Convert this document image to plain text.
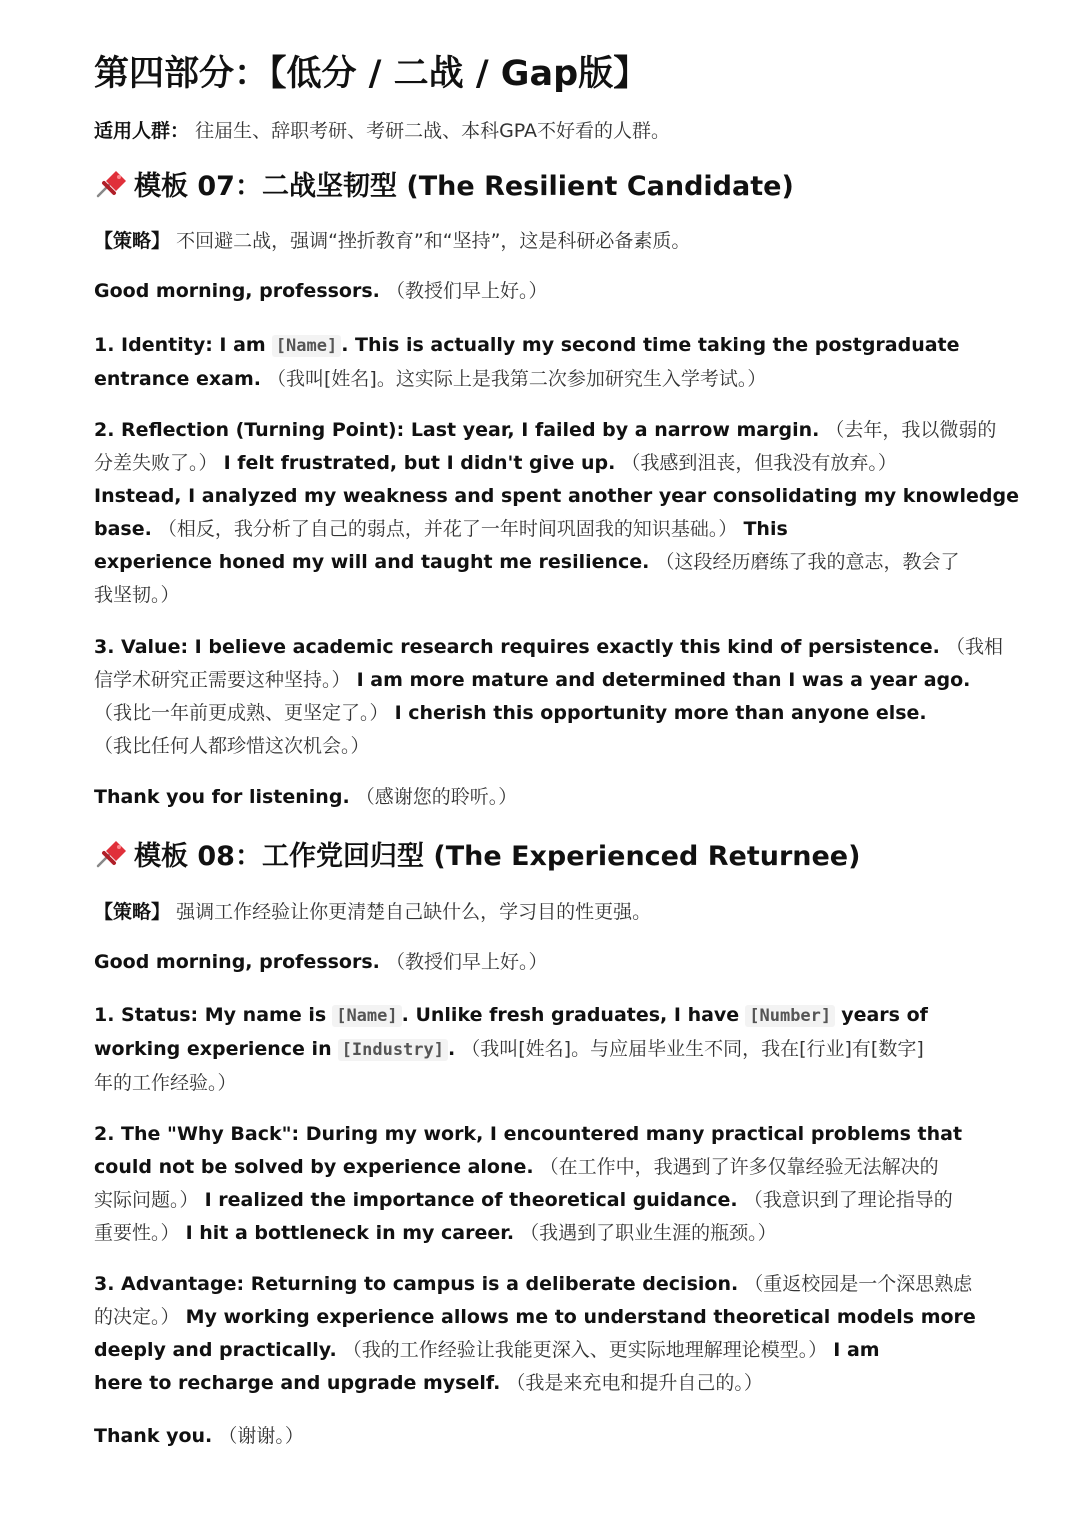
第四部分：【低分 / 二战 / Gap版】
适用人群： 往届生、辞职考研、考研二战、本科GPA不好看的人群。
模板 07：二战坚韧型 (The Resilient Candidate)
【策略】 不回避二战，强调“挫折教育”和“坚持”，这是科研必备素质。
Good morning, professors. （教授们早上好。）
1. Identity: I am [Name] . This is actually my second time taking the postgraduate
entrance exam. （我叫[姓名]。这实际上是我第二次参加研究生入学考试。）
2. Reflection (Turning Point): Last year, I failed by a narrow margin. （去年，我以微弱的
分差失败了。） I felt frustrated, but I didn't give up. （我感到沮丧，但我没有放弃。）
Instead, I analyzed my weakness and spent another year consolidating my knowledge
base. （相反，我分析了自己的弱点，并花了一年时间巩固我的知识基础。） This
experience honed my will and taught me resilience. （这段经历磨练了我的意志，教会了
我坚韧。）
3. Value: I believe academic research requires exactly this kind of persistence. （我相
信学术研究正需要这种坚持。） I am more mature and determined than I was a year ago.
（我比一年前更成熟、更坚定了。） I cherish this opportunity more than anyone else.
（我比任何人都珍惜这次机会。）
Thank you for listening. （感谢您的聆听。）
模板 08：工作党回归型 (The Experienced Returnee)
【策略】 强调工作经验让你更清楚自己缺什么，学习目的性更强。
Good morning, professors. （教授们早上好。）
1. Status: My name is [Name] . Unlike fresh graduates, I have [Number] years of
working experience in [Industry] . （我叫[姓名]。与应届毕业生不同，我在[行业]有[数字]
年的工作经验。）
2. The "Why Back": During my work, I encountered many practical problems that
could not be solved by experience alone. （在工作中，我遇到了许多仅靠经验无法解决的
实际问题。） I realized the importance of theoretical guidance. （我意识到了理论指导的
重要性。） I hit a bottleneck in my career. （我遇到了职业生涯的瓶颈。）
3. Advantage: Returning to campus is a deliberate decision. （重返校园是一个深思熟虑
的决定。） My working experience allows me to understand theoretical models more
deeply and practically. （我的工作经验让我能更深入、更实际地理解理论模型。） I am
here to recharge and upgrade myself. （我是来充电和提升自己的。）
Thank you. （谢谢。）
